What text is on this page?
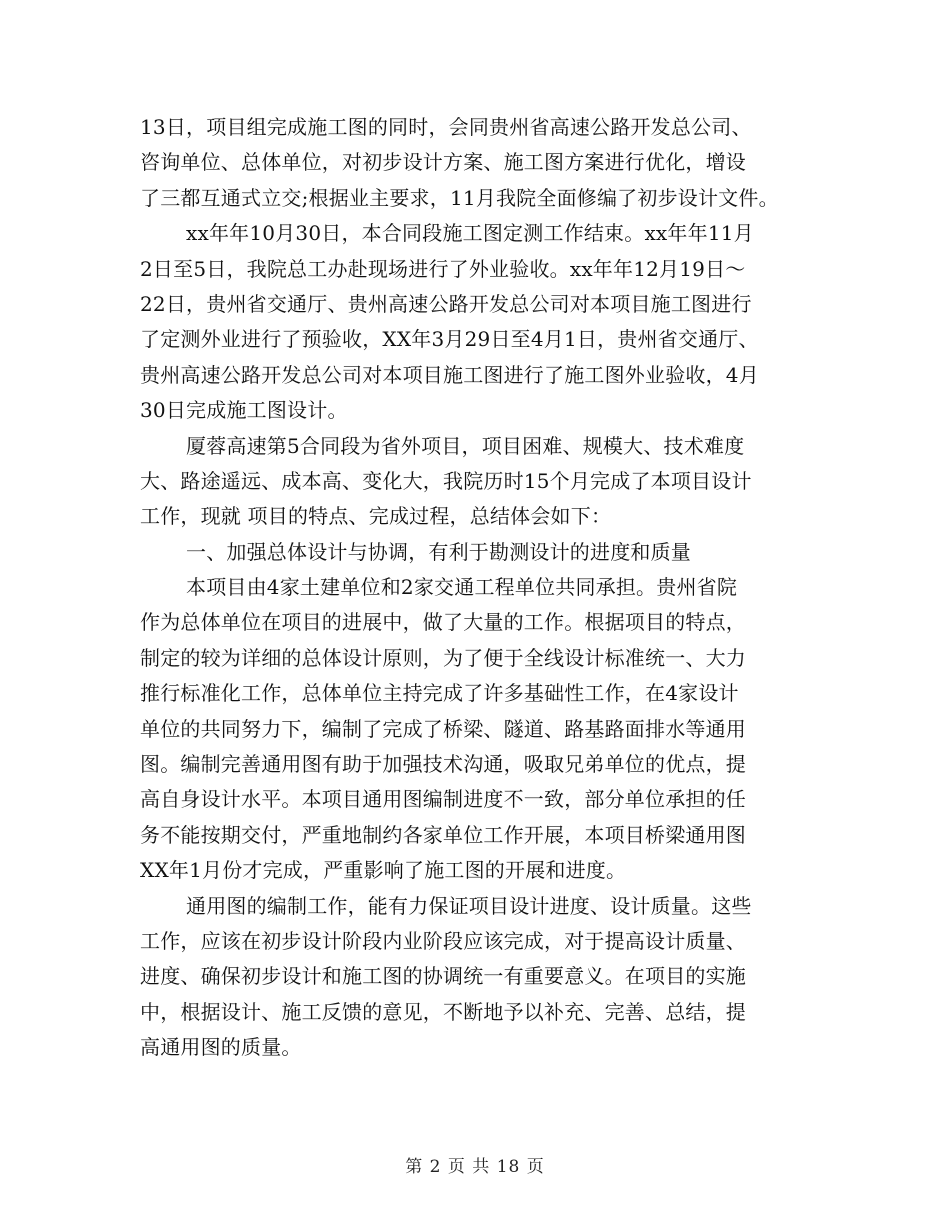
13日，项目组完成施工图的同时，会同贵州省高速公路开发总公司、
咨询单位、总体单位，对初步设计方案、施工图方案进行优化，增设
了三都互通式立交;根据业主要求，11月我院全面修编了初步设计文件。
xx年年10月30日，本合同段施工图定测工作结束。xx年年11月
2日至5日，我院总工办赴现场进行了外业验收。xx年年12月19日～
22日，贵州省交通厅、贵州高速公路开发总公司对本项目施工图进行
了定测外业进行了预验收，XX年3月29日至4月1日，贵州省交通厅、
贵州高速公路开发总公司对本项目施工图进行了施工图外业验收，4月
30日完成施工图设计。
厦蓉高速第5合同段为省外项目，项目困难、规模大、技术难度
大、路途遥远、成本高、变化大，我院历时15个月完成了本项目设计
工作，现就 项目的特点、完成过程，总结体会如下：
一、加强总体设计与协调，有利于勘测设计的进度和质量
本项目由4家土建单位和2家交通工程单位共同承担。贵州省院
作为总体单位在项目的进展中，做了大量的工作。根据项目的特点，
制定的较为详细的总体设计原则，为了便于全线设计标准统一、大力
推行标准化工作，总体单位主持完成了许多基础性工作，在4家设计
单位的共同努力下，编制了完成了桥梁、隧道、路基路面排水等通用
图。编制完善通用图有助于加强技术沟通，吸取兄弟单位的优点，提
高自身设计水平。本项目通用图编制进度不一致，部分单位承担的任
务不能按期交付，严重地制约各家单位工作开展，本项目桥梁通用图
XX年1月份才完成，严重影响了施工图的开展和进度。
通用图的编制工作，能有力保证项目设计进度、设计质量。这些
工作，应该在初步设计阶段内业阶段应该完成，对于提高设计质量、
进度、确保初步设计和施工图的协调统一有重要意义。在项目的实施
中，根据设计、施工反馈的意见，不断地予以补充、完善、总结，提
高通用图的质量。
第 2 页 共 18 页
